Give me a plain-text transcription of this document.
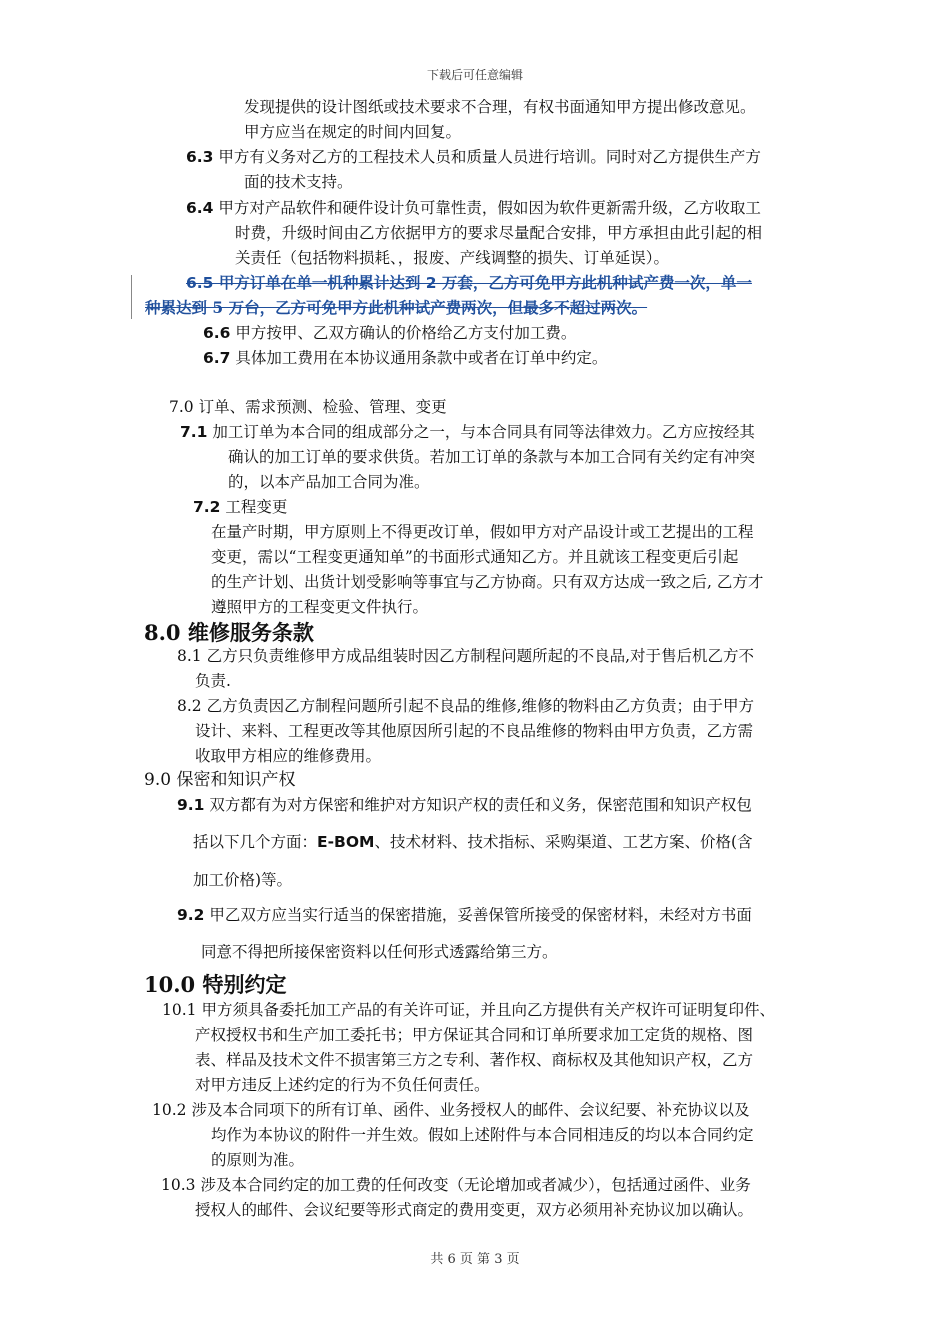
下载后可任意编辑
发现提供的设计图纸或技术要求不合理，有权书面通知甲方提出修改意见。
甲方应当在规定的时间内回复。
6.3 甲方有义务对乙方的工程技术人员和质量人员进行培训。同时对乙方提供生产方
面的技术支持。
6.4 甲方对产品软件和硬件设计负可靠性责，假如因为软件更新需升级，乙方收取工
时费，升级时间由乙方依据甲方的要求尽量配合安排，甲方承担由此引起的相
关责任（包括物料损耗、，报废、产线调整的损失、订单延误）。
6.5 甲方订单在单一机种累计达到 2 万套，乙方可免甲方此机种试产费一次，单一
种累达到 5 万台，乙方可免甲方此机种试产费两次，但最多不超过两次。
6.6 甲方按甲、乙双方确认的价格给乙方支付加工费。
6.7 具体加工费用在本协议通用条款中或者在订单中约定。
7.0 订单、需求预测、检验、管理、变更
7.1 加工订单为本合同的组成部分之一，与本合同具有同等法律效力。乙方应按经其
确认的加工订单的要求供货。若加工订单的条款与本加工合同有关约定有冲突
的，以本产品加工合同为准。
7.2 工程变更
在量产时期，甲方原则上不得更改订单，假如甲方对产品设计或工艺提出的工程
变更，需以“工程变更通知单”的书面形式通知乙方。并且就该工程变更后引起
的生产计划、出货计划受影响等事宜与乙方协商。只有双方达成一致之后, 乙方才
遵照甲方的工程变更文件执行。
8.0 维修服务条款
8.1 乙方只负责维修甲方成品组装时因乙方制程问题所起的不良品,对于售后机乙方不
负责.
8.2 乙方负责因乙方制程问题所引起不良品的维修,维修的物料由乙方负责；由于甲方
设计、来料、工程更改等其他原因所引起的不良品维修的物料由甲方负责，乙方需
收取甲方相应的维修费用。
9.0 保密和知识产权
9.1 双方都有为对方保密和维护对方知识产权的责任和义务，保密范围和知识产权包
括以下几个方面：E-BOM、技术材料、技术指标、采购渠道、工艺方案、价格(含
加工价格)等。
9.2 甲乙双方应当实行适当的保密措施，妥善保管所接受的保密材料，未经对方书面
同意不得把所接保密资料以任何形式透露给第三方。
10.0 特别约定
10.1 甲方须具备委托加工产品的有关许可证，并且向乙方提供有关产权许可证明复印件、
产权授权书和生产加工委托书；甲方保证其合同和订单所要求加工定货的规格、图
表、样品及技术文件不损害第三方之专利、著作权、商标权及其他知识产权，乙方
对甲方违反上述约定的行为不负任何责任。
10.2 涉及本合同项下的所有订单、函件、业务授权人的邮件、会议纪要、补充协议以及
均作为本协议的附件一并生效。假如上述附件与本合同相违反的均以本合同约定
的原则为准。
10.3 涉及本合同约定的加工费的任何改变（无论增加或者减少），包括通过函件、业务
授权人的邮件、会议纪要等形式商定的费用变更，双方必须用补充协议加以确认。
共 6 页 第 3 页
